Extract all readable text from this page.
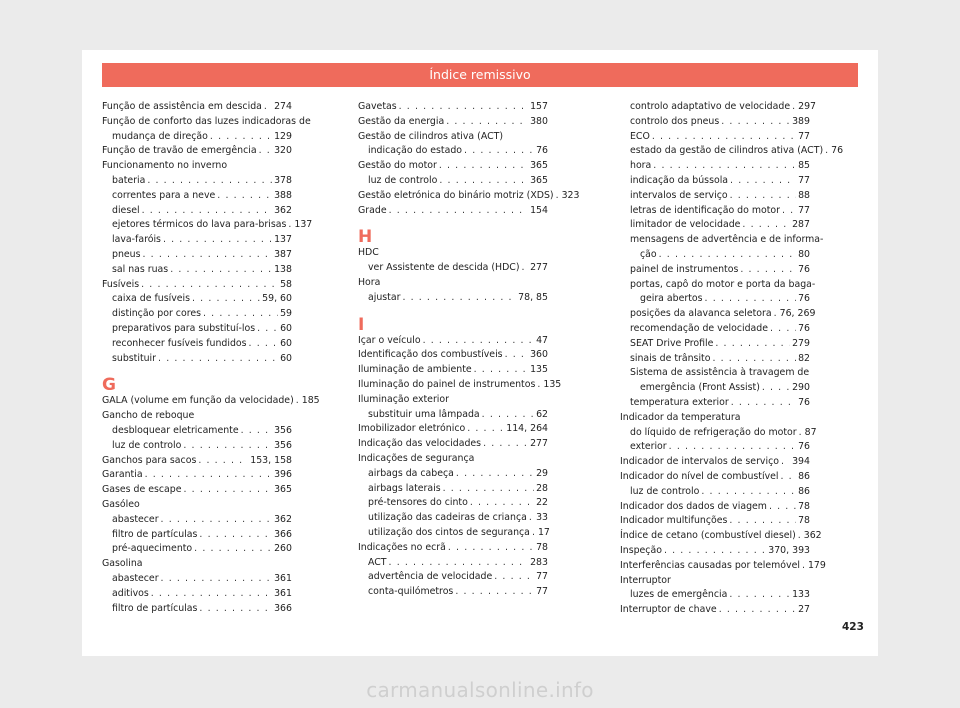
Índice remissivo
Função de assistência em descida . . . 274
Função de conforto das luzes indicadoras de
mudança de direção . . .	129
Função de travão de emergência . . . 320
Funcionamento no inverno
bateria . . .	378
correntes para a neve . . .	388
diesel . . .	362
ejetores térmicos do lava para-brisas . . . 137
lava-faróis . . .	137
pneus . . .	387
sal nas ruas . . .	138
Fusíveis . . .	58
caixa de fusíveis . . .	59, 60
distinção por cores . . .	59
preparativos para substituí-los . . .	60
reconhecer fusíveis fundidos . . .	60
substituir . . .	60
G
GALA (volume em função da velocidade) . . . 185
Gancho de reboque
desbloquear eletricamente . . .	356
luz de controlo . . .	356
Ganchos para sacos . . .	153, 158
Garantia . . .	396
Gases de escape . . .	365
Gasóleo
abastecer . . .	362
filtro de partículas . . .	366
pré-aquecimento . . .	260
Gasolina
abastecer . . .	361
aditivos . . .	361
filtro de partículas . . .	366
Gavetas . . .	157
Gestão da energia . . .	380
Gestão de cilindros ativa (ACT)
indicação do estado . . .	76
Gestão do motor . . .	365
luz de controlo . . .	365
Gestão eletrónica do binário motriz (XDS) . . . 323
Grade . . .	154
H
HDC
ver Assistente de descida (HDC) . . . 277
Hora
ajustar . . .	78, 85
I
Içar o veículo . . .	47
Identificação dos combustíveis . . .	360
Iluminação de ambiente . . .	135
Iluminação do painel de instrumentos . . . 135
Iluminação exterior
substituir uma lâmpada . . .	62
Imobilizador eletrónico . . .	114, 264
Indicação das velocidades . . .	277
Indicações de segurança
airbags da cabeça . . .	29
airbags laterais . . .	28
pré-tensores do cinto . . .	22
utilização das cadeiras de criança . . . 33
utilização dos cintos de segurança . . . 17
Indicações no ecrã . . .	78
ACT . . .	283
advertência de velocidade . . .	77
conta-quilómetros . . .	77
controlo adaptativo de velocidade . . . 297
controlo dos pneus . . .	389
ECO . . .	77
estado da gestão de cilindros ativa (ACT) . . . 76
hora . . .	85
indicação da bússola . . .	77
intervalos de serviço . . .	88
letras de identificação do motor . . . 77
limitador de velocidade . . .	287
mensagens de advertência e de informa-
ção . . .	80
painel de instrumentos . . .	76
portas, capô do motor e porta da baga-
geira abertos . . .	76
posições da alavanca seletora . . . 76, 269
recomendação de velocidade . . .	76
SEAT Drive Profile . . .	279
sinais de trânsito . . .	82
Sistema de assistência à travagem de
emergência (Front Assist) . . .	290
temperatura exterior . . .	76
Indicador da temperatura
do líquido de refrigeração do motor . . . 87
exterior . . .	76
Indicador de intervalos de serviço . . . 394
Indicador do nível de combustível . . . 86
luz de controlo . . .	86
Indicador dos dados de viagem . . .	78
Indicador multifunções . . .	78
Índice de cetano (combustível diesel) . . . 362
Inspeção . . .	370, 393
Interferências causadas por telemóvel . . . 179
Interruptor
luzes de emergência . . .	133
Interruptor de chave . . .	27
423
carmanualsonline.info
